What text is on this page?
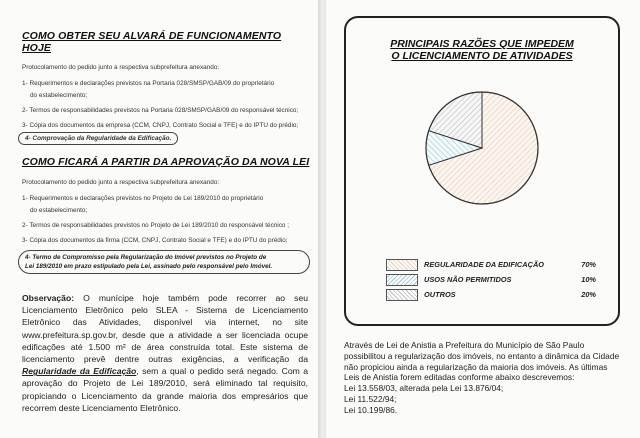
COMO OBTER SEU ALVARÁ DE FUNCIONAMENTO HOJE

Protocolamento do pedido junto a respectiva subprefeitura anexando:

1- Requerimentos e declarações previstos na Portaria 028/SMSP/GAB/09 do proprietário
do estabelecimento;

2- Termos de responsabilidades previstos na Portaria 028/SMSP/GAB/09 do responsável técnico;

3- Cópia dos documentos da empresa (CCM, CNPJ, Contrato Social e TFE) e do IPTU do prédio;

4- Comprovação da Regularidade da Edificação.

COMO FICARÁ A PARTIR DA APROVAÇÃO DA NOVA LEI

Protocolamento do pedido junto a respectiva subprefeitura anexando:

1- Requerimentos e declarações previstos no Projeto de Lei 189/2010 do proprietário
do estabelecimento;

2- Termos de responsabilidades previstos no Projeto de Lei 189/2010 do responsável técnico ;

3- Cópia dos documentos da firma (CCM, CNPJ, Contrato Social e TFE) e do IPTU do prédio;

4- Termo de Compromisso pela Regularização do Imóvel previstos no Projeto de
Lei 189/2010 em prazo estipulado pela Lei, assinado pelo responsável pelo Imóvel.
Observação: O munícipe hoje também pode recorrer ao seu Licenciamento Eletrônico pelo SLEA - Sistema de Licenciamento Eletrônico das Atividades, disponível via internet, no site www.prefeitura.sp.gov.br, desde que a atividade a ser licenciada ocupe edificações até 1.500 m² de área construída total. Este sistema de licenciamento prevê dentre outras exigências, a verificação da Regularidade da Edificação, sem a qual o pedido será negado. Com a aprovação do Projeto de Lei 189/2010, será eliminado tal requisito, propiciando o Licenciamento da grande maioria dos empresários que recorrem deste Licenciamento Eletrônico.
PRINCIPAIS RAZÕES QUE IMPEDEM
O LICENCIAMENTO DE ATIVIDADES
REGULARIDADE DA EDIFICAÇÃO	70%
USOS NÃO PERMITIDOS	10%
OUTROS	20%

Através de Lei de Anistia a Prefeitura do Município de São Paulo possibilitou a regularização dos imóveis, no entanto a dinâmica da Cidade não propiciou ainda a regularização da maioria dos imóveis. As últimas Leis de Anistia forem editadas conforme abaixo descrevemos:

Lei 13.558/03, alterada pela Lei 13.876/04;

Lei 11.522/94;

Lei 10.199/86.
